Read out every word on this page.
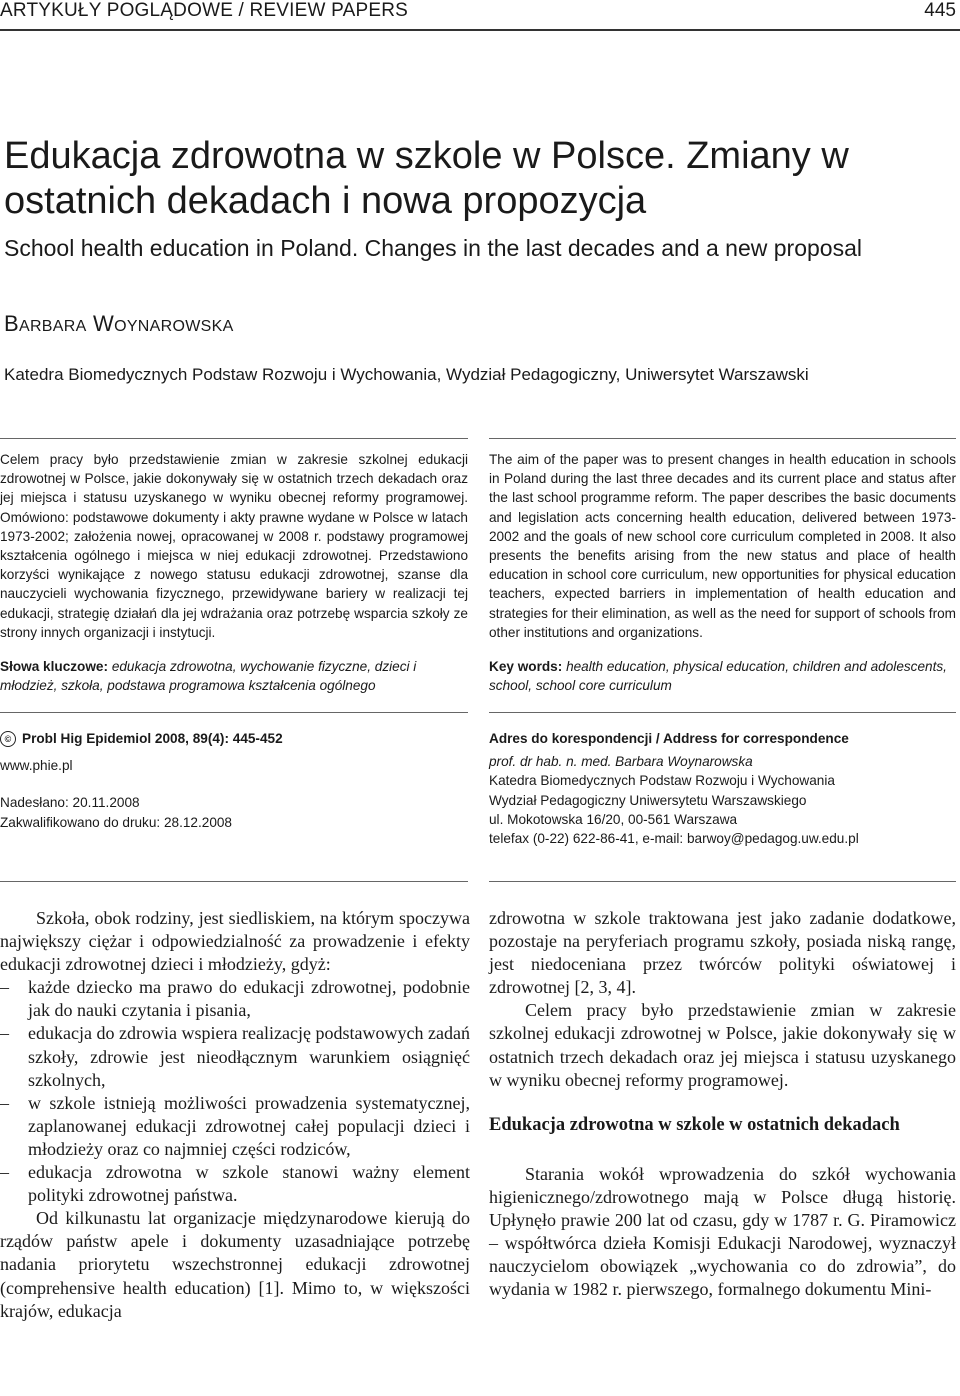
ARTYKUŁY POGLĄDOWE / REVIEW PAPERS	445
Edukacja zdrowotna w szkole w Polsce. Zmiany w ostatnich dekadach i nowa propozycja
School health education in Poland. Changes in the last decades and a new proposal
BARBARA WOYNAROWSKA
Katedra Biomedycznych Podstaw Rozwoju i Wychowania, Wydział Pedagogiczny, Uniwersytet Warszawski

Celem pracy było przedstawienie zmian w zakresie szkolnej edukacji zdrowotnej w Polsce, jakie dokonywały się w ostatnich trzech dekadach oraz jej miejsca i statusu uzyskanego w wyniku obecnej reformy programowej. Omówiono: podstawowe dokumenty i akty prawne wydane w Polsce w latach 1973-2002; założenia nowej, opracowanej w 2008 r. podstawy programowej kształcenia ogólnego i miejsca w niej edukacji zdrowotnej. Przedstawiono korzyści wynikające z nowego statusu edukacji zdrowotnej, szanse dla nauczycieli wychowania fizycznego, przewidywane bariery w realizacji tej edukacji, strategię działań dla jej wdrażania oraz potrzebę wsparcia szkoły ze strony innych organizacji i instytucji.

The aim of the paper was to present changes in health education in schools in Poland during the last three decades and its current place and status after the last school programme reform. The paper describes the basic documents and legislation acts concerning health education, delivered between 1973-2002 and the goals of new school core curriculum completed in 2008. It also presents the benefits arising from the new status and place of health education in school core curriculum, new opportunities for physical education teachers, expected barriers in implementation of health education and strategies for their elimination, as well as the need for support of schools from other institutions and organizations.

Słowa kluczowe: edukacja zdrowotna, wychowanie fizyczne, dzieci i młodzież, szkoła, podstawa programowa kształcenia ogólnego
Key words: health education, physical education, children and adolescents, school, school core curriculum
© Probl Hig Epidemiol 2008, 89(4): 445-452
www.phie.pl
Nadesłano: 20.11.2008
Zakwalifikowano do druku: 28.12.2008
Adres do korespondencji / Address for correspondence
prof. dr hab. n. med. Barbara Woynarowska
Katedra Biomedycznych Podstaw Rozwoju i Wychowania
Wydział Pedagogiczny Uniwersytetu Warszawskiego
ul. Mokotowska 16/20, 00-561 Warszawa
telefax (0-22) 622-86-41, e-mail: barwoy@pedagog.uw.edu.pl

Szkoła, obok rodziny, jest siedliskiem, na którym spoczywa największy ciężar i odpowiedzialność za prowadzenie i efekty edukacji zdrowotnej dzieci i młodzieży, gdyż:

–	każde dziecko ma prawo do edukacji zdrowotnej, podobnie jak do nauki czytania i pisania,
–	edukacja do zdrowia wspiera realizację podstawowych zadań szkoły, zdrowie jest nieodłącznym warunkiem osiągnięć szkolnych,
–	w szkole istnieją możliwości prowadzenia systematycznej, zaplanowanej edukacji zdrowotnej całej populacji dzieci i młodzieży oraz co najmniej części rodziców,
–	edukacja zdrowotna w szkole stanowi ważny element polityki zdrowotnej państwa.

Od kilkunastu lat organizacje międzynarodowe kierują do rządów państw apele i dokumenty uzasadniające potrzebę nadania priorytetu wszechstronnej edukacji zdrowotnej (comprehensive health education) [1]. Mimo to, w większości krajów, edukacja

zdrowotna w szkole traktowana jest jako zadanie dodatkowe, pozostaje na peryferiach programu szkoły, posiada niską rangę, jest niedoceniana przez twórców polityki oświatowej i zdrowotnej [2, 3, 4].

Celem pracy było przedstawienie zmian w zakresie szkolnej edukacji zdrowotnej w Polsce, jakie dokonywały się w ostatnich trzech dekadach oraz jej miejsca i statusu uzyskanego w wyniku obecnej reformy programowej.

Edukacja zdrowotna w szkole w ostatnich dekadach

Starania wokół wprowadzenia do szkół wychowania higienicznego/zdrowotnego mają w Polsce długą historię. Upłynęło prawie 200 lat od czasu, gdy w 1787 r. G. Piramowicz – współtwórca dzieła Komisji Edukacji Narodowej, wyznaczył nauczycielom obowiązek „wychowania co do zdrowia”, do wydania w 1982 r. pierwszego, formalnego dokumentu Mini-
